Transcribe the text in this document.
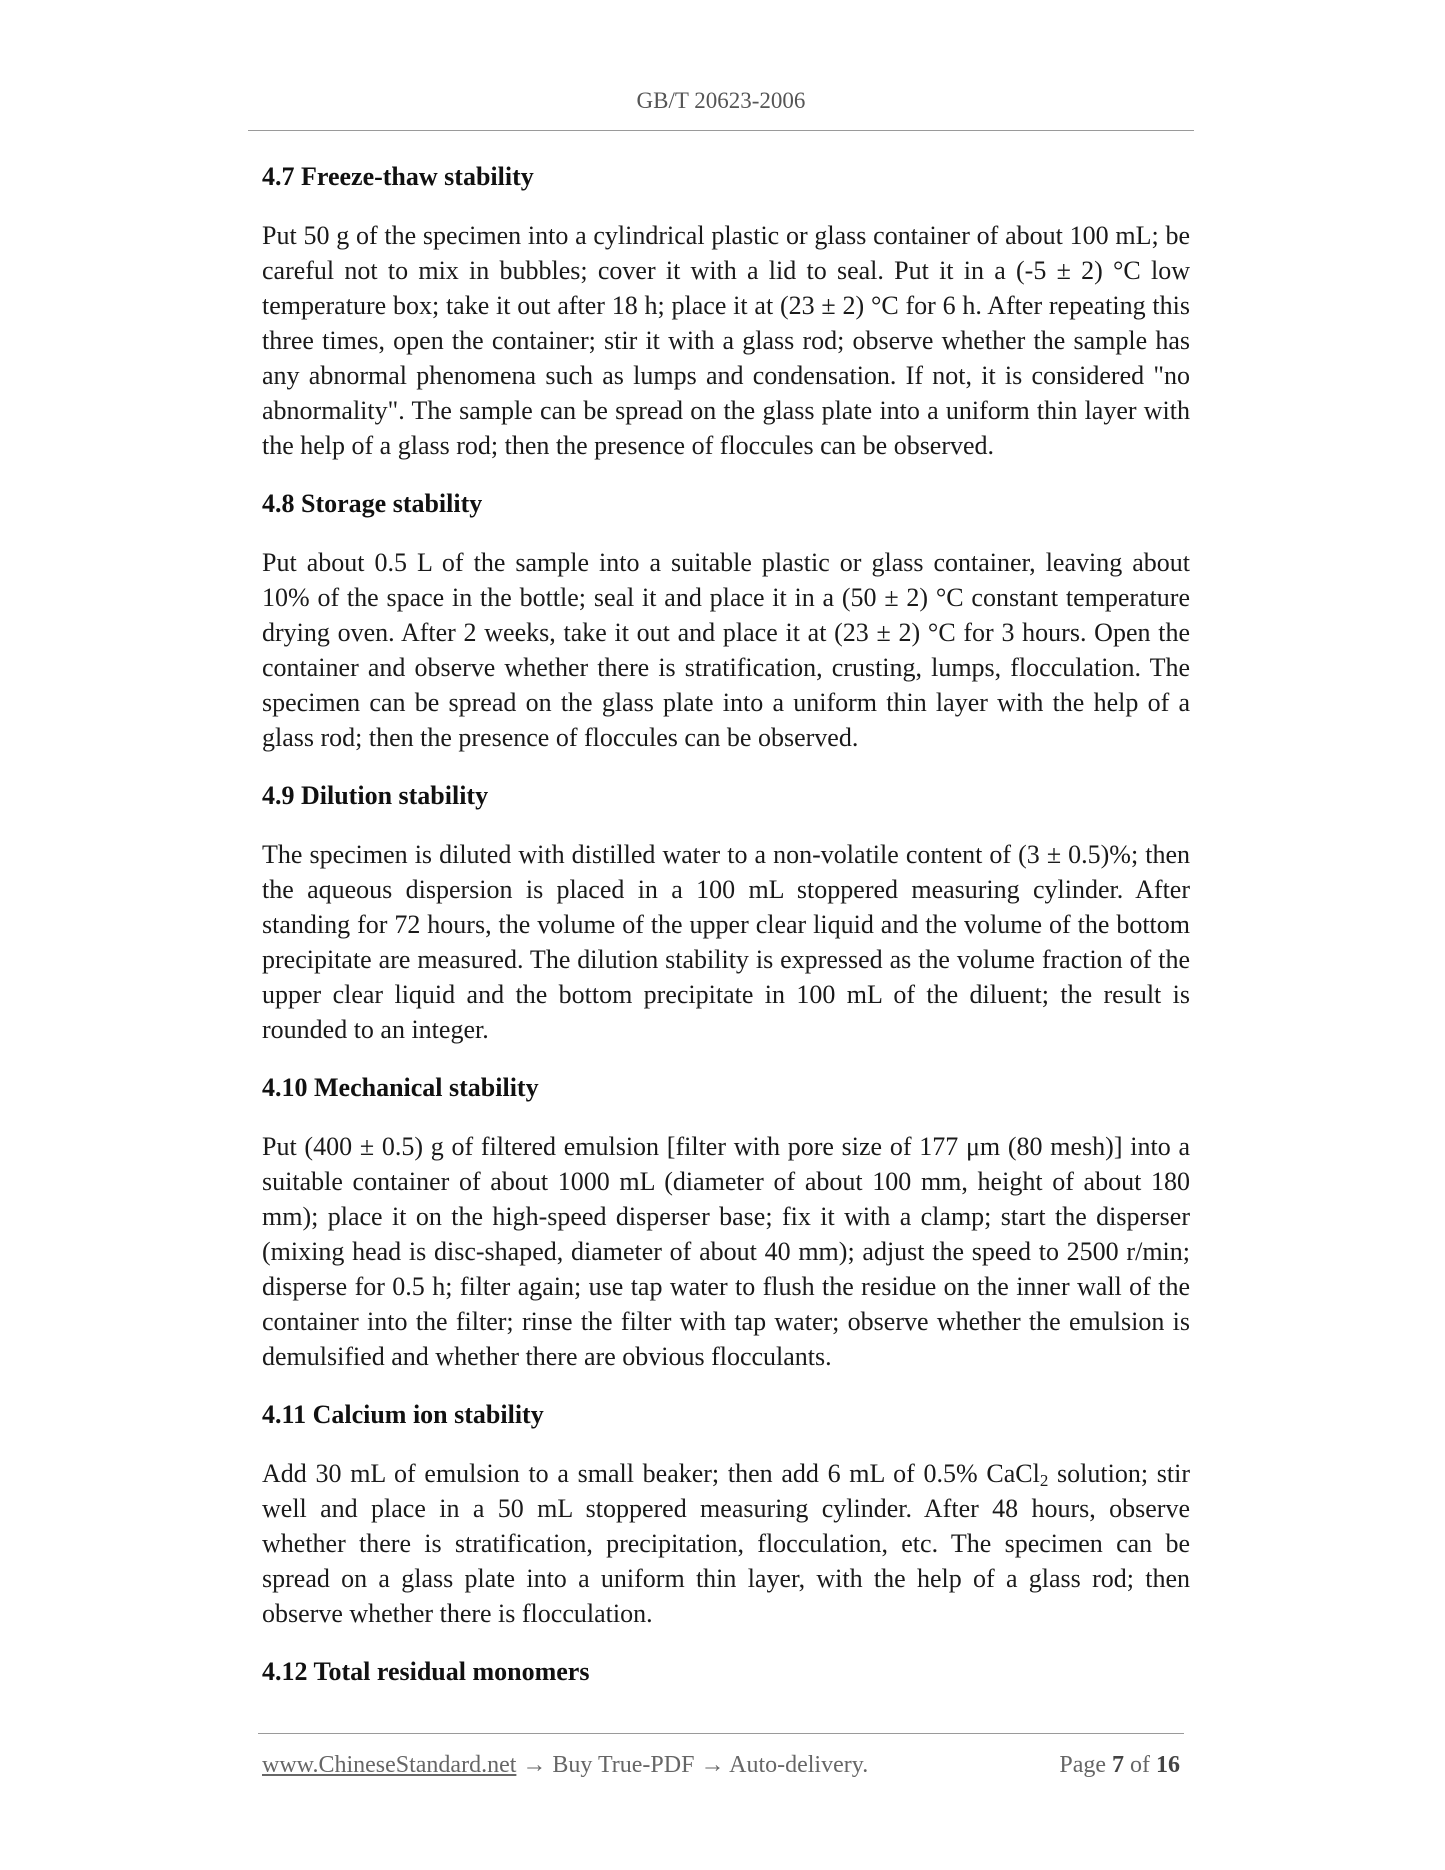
GB/T 20623-2006
4.7 Freeze-thaw stability

Put 50 g of the specimen into a cylindrical plastic or glass container of about 100 mL; be careful not to mix in bubbles; cover it with a lid to seal. Put it in a (-5 ± 2) °C low temperature box; take it out after 18 h; place it at (23 ± 2) °C for 6 h. After repeating this three times, open the container; stir it with a glass rod; observe whether the sample has any abnormal phenomena such as lumps and condensation. If not, it is considered "no abnormality". The sample can be spread on the glass plate into a uniform thin layer with the help of a glass rod; then the presence of floccules can be observed.

4.8 Storage stability

Put about 0.5 L of the sample into a suitable plastic or glass container, leaving about 10% of the space in the bottle; seal it and place it in a (50 ± 2) °C constant temperature drying oven. After 2 weeks, take it out and place it at (23 ± 2) °C for 3 hours. Open the container and observe whether there is stratification, crusting, lumps, flocculation. The specimen can be spread on the glass plate into a uniform thin layer with the help of a glass rod; then the presence of floccules can be observed.

4.9 Dilution stability

The specimen is diluted with distilled water to a non-volatile content of (3 ± 0.5)%; then the aqueous dispersion is placed in a 100 mL stoppered measuring cylinder. After standing for 72 hours, the volume of the upper clear liquid and the volume of the bottom precipitate are measured. The dilution stability is expressed as the volume fraction of the upper clear liquid and the bottom precipitate in 100 mL of the diluent; the result is rounded to an integer.

4.10 Mechanical stability

Put (400 ± 0.5) g of filtered emulsion [filter with pore size of 177 μm (80 mesh)] into a suitable container of about 1000 mL (diameter of about 100 mm, height of about 180 mm); place it on the high-speed disperser base; fix it with a clamp; start the disperser (mixing head is disc-shaped, diameter of about 40 mm); adjust the speed to 2500 r/min; disperse for 0.5 h; filter again; use tap water to flush the residue on the inner wall of the container into the filter; rinse the filter with tap water; observe whether the emulsion is demulsified and whether there are obvious flocculants.

4.11 Calcium ion stability

Add 30 mL of emulsion to a small beaker; then add 6 mL of 0.5% CaCl$_2$ solution; stir well and place in a 50 mL stoppered measuring cylinder. After 48 hours, observe whether there is stratification, precipitation, flocculation, etc. The specimen can be spread on a glass plate into a uniform thin layer, with the help of a glass rod; then observe whether there is flocculation.

4.12 Total residual monomers
www.ChineseStandard.net → Buy True-PDF → Auto-delivery.	Page 7 of 16
